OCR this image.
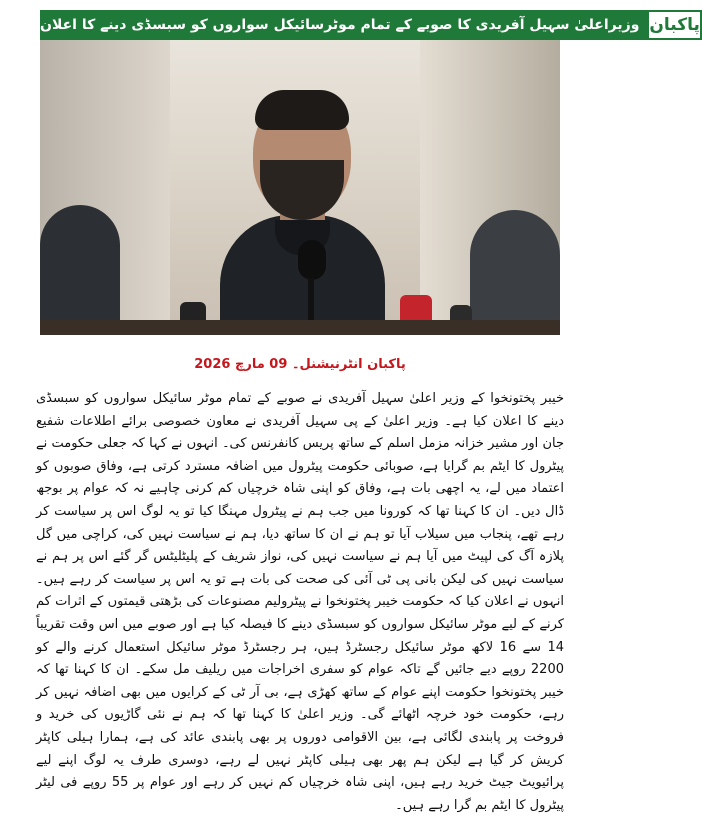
وزیراعلیٰ سہیل آفریدی کا صوبے کے تمام موٹرسائیکل سواروں کو سبسڈی دینے کا اعلان پاکبان
پاکبان انٹرنیشنل۔ 09 مارچ 2026

خیبر پختونخوا کے وزیر اعلیٰ سہیل آفریدی نے صوبے کے تمام موٹر سائیکل سواروں کو سبسڈی دینے کا اعلان کیا ہے۔ وزیر اعلیٰ کے پی سہیل آفریدی نے معاون خصوصی برائے اطلاعات شفیع جان اور مشیر خزانہ مزمل اسلم کے ساتھ پریس کانفرنس کی۔ انہوں نے کہا کہ جعلی حکومت نے پیٹرول کا ایٹم بم گرایا ہے، صوبائی حکومت پیٹرول میں اضافہ مسترد کرتی ہے، وفاق صوبوں کو اعتماد میں لے، یہ اچھی بات ہے، وفاق کو اپنی شاہ خرچیاں کم کرنی چاہیے نہ کہ عوام پر بوجھ ڈال دیں۔ ان کا کہنا تھا کہ کورونا میں جب ہم نے پیٹرول مہنگا کیا تو یہ لوگ اس پر سیاست کر رہے تھے، پنجاب میں سیلاب آیا تو ہم نے ان کا ساتھ دیا، ہم نے سیاست نہیں کی، کراچی میں گل پلازہ آگ کی لپیٹ میں آیا ہم نے سیاست نہیں کی، نواز شریف کے پلیٹلیٹس گر گئے اس پر ہم نے سیاست نہیں کی لیکن بانی پی ٹی آئی کی صحت کی بات ہے تو یہ اس پر سیاست کر رہے ہیں۔ انہوں نے اعلان کیا کہ حکومت خیبر پختونخوا نے پیٹرولیم مصنوعات کی بڑھتی قیمتوں کے اثرات کم کرنے کے لیے موٹر سائیکل سواروں کو سبسڈی دینے کا فیصلہ کیا ہے اور صوبے میں اس وقت تقریباً 14 سے 16 لاکھ موٹر سائیکل رجسٹرڈ ہیں، ہر رجسٹرڈ موٹر سائیکل استعمال کرنے والے کو 2200 روپے دیے جائیں گے تاکہ عوام کو سفری اخراجات میں ریلیف مل سکے۔ ان کا کہنا تھا کہ خیبر پختونخوا حکومت اپنے عوام کے ساتھ کھڑی ہے، بی آر ٹی کے کرایوں میں بھی اضافہ نہیں کر رہے، حکومت خود خرچہ اٹھائے گی۔ وزیر اعلیٰ کا کہنا تھا کہ ہم نے نئی گاڑیوں کی خرید و فروخت پر پابندی لگائی ہے، بین الاقوامی دوروں پر بھی پابندی عائد کی ہے، ہمارا ہیلی کاپٹر کریش کر گیا ہے لیکن ہم پھر بھی ہیلی کاپٹر نہیں لے رہے، دوسری طرف یہ لوگ اپنے لیے پرائیویٹ جیٹ خرید رہے ہیں، اپنی شاہ خرچیاں کم نہیں کر رہے اور عوام پر 55 روپے فی لیٹر پیٹرول کا ایٹم بم گرا رہے ہیں۔
